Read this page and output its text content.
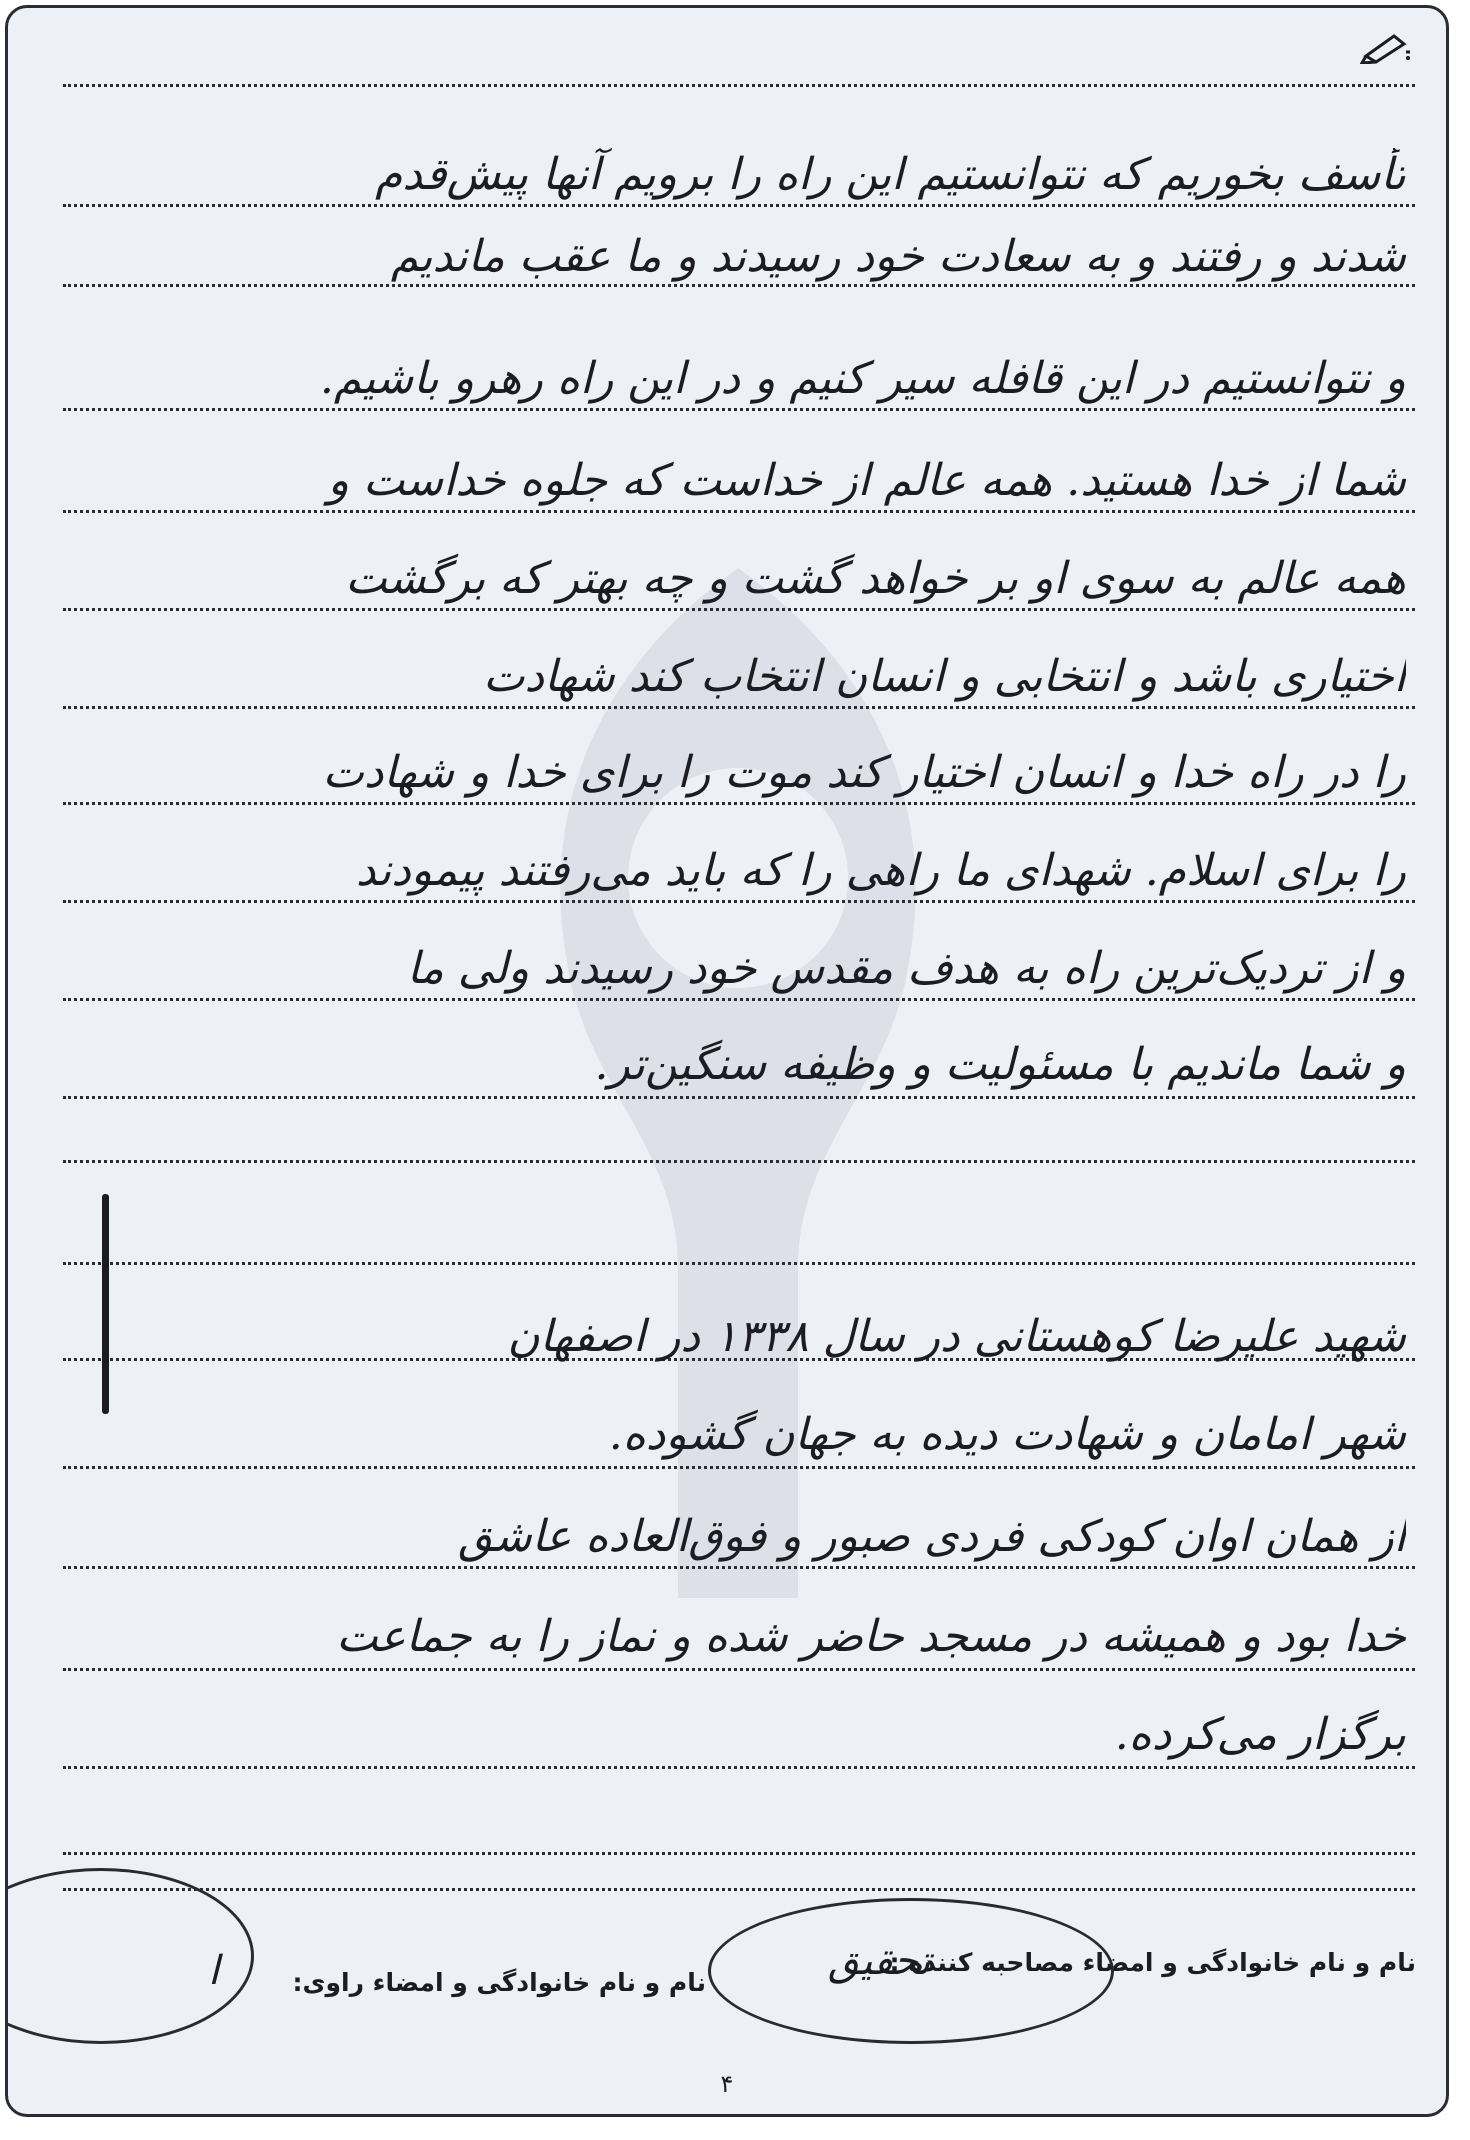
تأسف بخوریم که نتوانستیم این راه را برویم آنها پیش‌قدم
شدند و رفتند و به سعادت خود رسیدند و ما عقب ماندیم
و نتوانستیم در این قافله سیر کنیم و در این راه رهرو باشیم.
شما از خدا هستید. همه عالم از خداست که جلوه خداست و
همه عالم به سوی او بر خواهد گشت و چه بهتر که برگشت
اختیاری باشد و انتخابی و انسان انتخاب کند شهادت
را در راه خدا و انسان اختیار کند موت را برای خدا و شهادت
را برای اسلام. شهدای ما راهی را که باید می‌رفتند پیمودند
و از تردیک‌ترین راه به هدف مقدس خود رسیدند ولی ما
و شما ماندیم با مسئولیت و وظیفه سنگین‌تر.
شهید علیرضا کوهستانی در سال ۱۳۳۸ در اصفهان
شهر امامان و شهادت دیده به جهان گشوده.
از همان اوان کودکی فردی صبور و فوق‌العاده عاشق
خدا بود و همیشه در مسجد حاضر شده و نماز را به جماعت
برگزار می‌کرده.
نام و نام خانوادگی و امضاء مصاحبه کننده :
نام و نام خانوادگی و امضاء راوی:	تحقیق
ا
۴
